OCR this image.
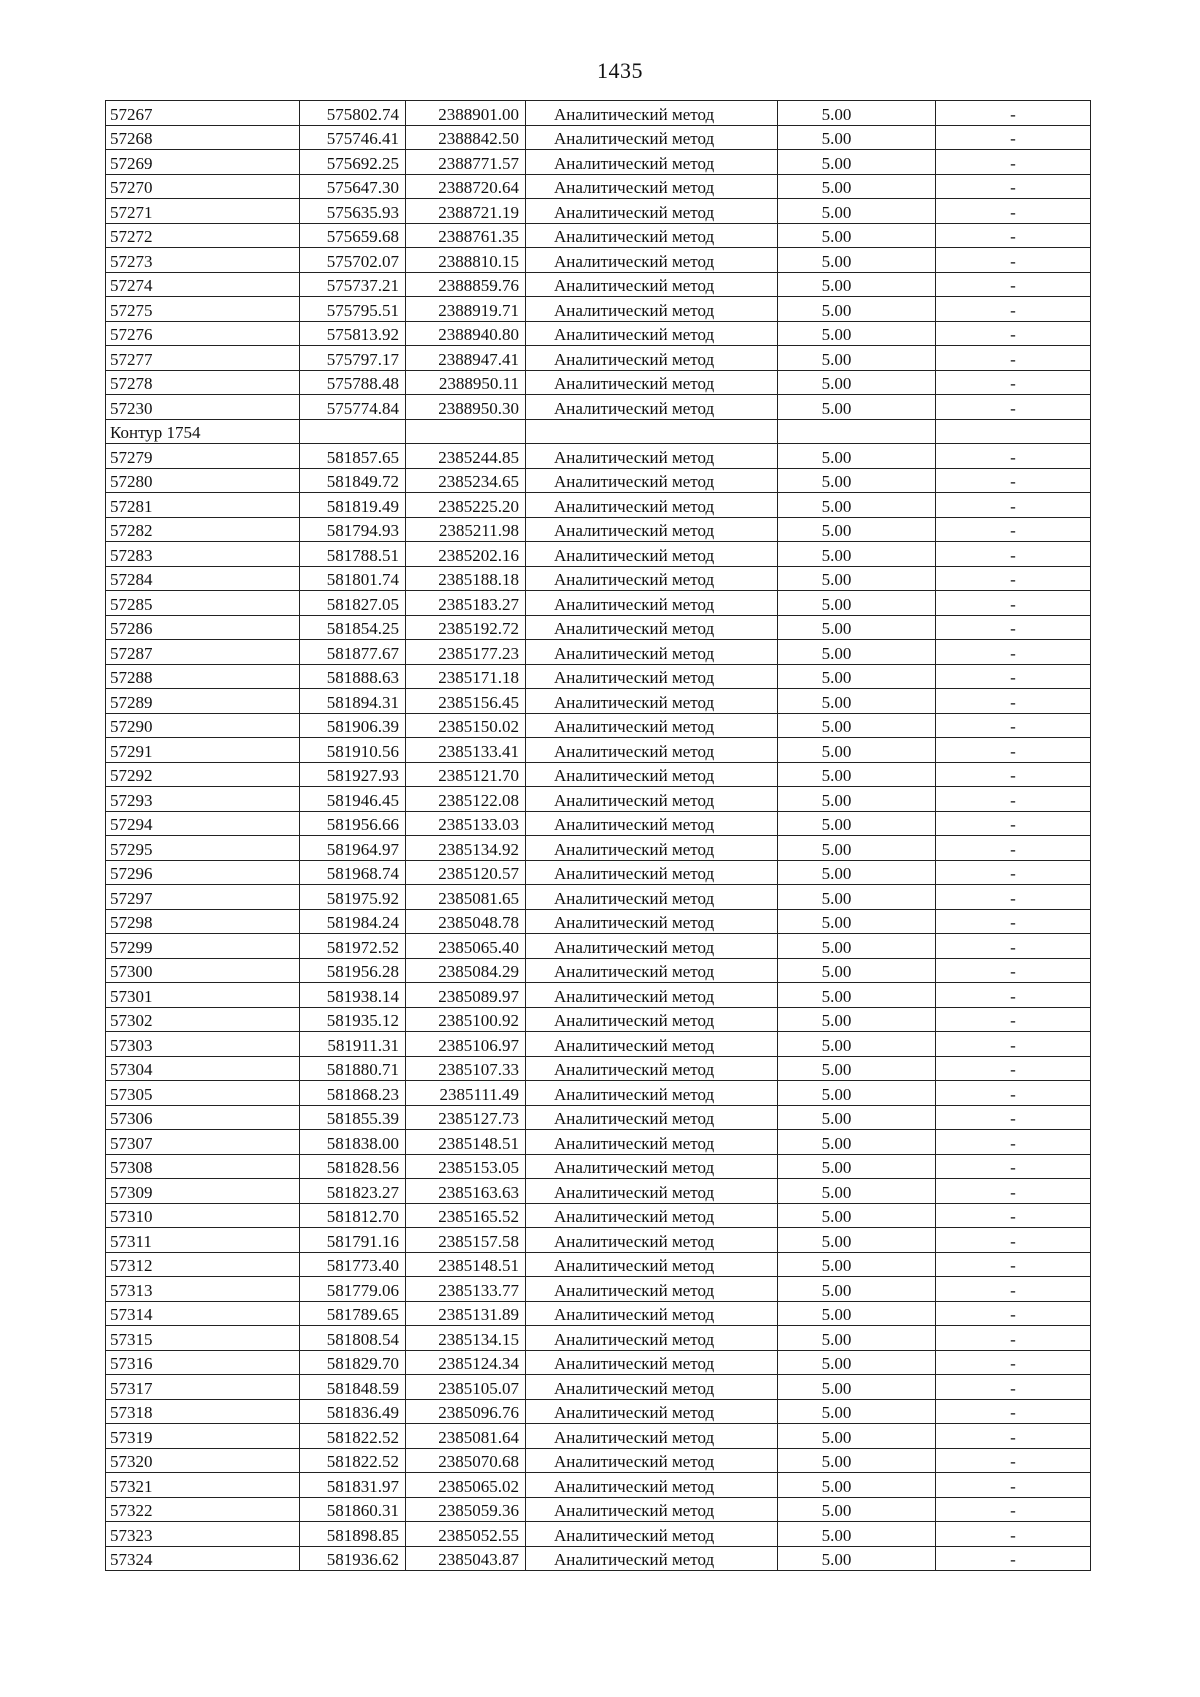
1435
57267	575802.74	2388901.00	Аналитический метод	5.00	-
57268	575746.41	2388842.50	Аналитический метод	5.00	-
57269	575692.25	2388771.57	Аналитический метод	5.00	-
57270	575647.30	2388720.64	Аналитический метод	5.00	-
57271	575635.93	2388721.19	Аналитический метод	5.00	-
57272	575659.68	2388761.35	Аналитический метод	5.00	-
57273	575702.07	2388810.15	Аналитический метод	5.00	-
57274	575737.21	2388859.76	Аналитический метод	5.00	-
57275	575795.51	2388919.71	Аналитический метод	5.00	-
57276	575813.92	2388940.80	Аналитический метод	5.00	-
57277	575797.17	2388947.41	Аналитический метод	5.00	-
57278	575788.48	2388950.11	Аналитический метод	5.00	-
57230	575774.84	2388950.30	Аналитический метод	5.00	-
Контур 1754					
57279	581857.65	2385244.85	Аналитический метод	5.00	-
57280	581849.72	2385234.65	Аналитический метод	5.00	-
57281	581819.49	2385225.20	Аналитический метод	5.00	-
57282	581794.93	2385211.98	Аналитический метод	5.00	-
57283	581788.51	2385202.16	Аналитический метод	5.00	-
57284	581801.74	2385188.18	Аналитический метод	5.00	-
57285	581827.05	2385183.27	Аналитический метод	5.00	-
57286	581854.25	2385192.72	Аналитический метод	5.00	-
57287	581877.67	2385177.23	Аналитический метод	5.00	-
57288	581888.63	2385171.18	Аналитический метод	5.00	-
57289	581894.31	2385156.45	Аналитический метод	5.00	-
57290	581906.39	2385150.02	Аналитический метод	5.00	-
57291	581910.56	2385133.41	Аналитический метод	5.00	-
57292	581927.93	2385121.70	Аналитический метод	5.00	-
57293	581946.45	2385122.08	Аналитический метод	5.00	-
57294	581956.66	2385133.03	Аналитический метод	5.00	-
57295	581964.97	2385134.92	Аналитический метод	5.00	-
57296	581968.74	2385120.57	Аналитический метод	5.00	-
57297	581975.92	2385081.65	Аналитический метод	5.00	-
57298	581984.24	2385048.78	Аналитический метод	5.00	-
57299	581972.52	2385065.40	Аналитический метод	5.00	-
57300	581956.28	2385084.29	Аналитический метод	5.00	-
57301	581938.14	2385089.97	Аналитический метод	5.00	-
57302	581935.12	2385100.92	Аналитический метод	5.00	-
57303	581911.31	2385106.97	Аналитический метод	5.00	-
57304	581880.71	2385107.33	Аналитический метод	5.00	-
57305	581868.23	2385111.49	Аналитический метод	5.00	-
57306	581855.39	2385127.73	Аналитический метод	5.00	-
57307	581838.00	2385148.51	Аналитический метод	5.00	-
57308	581828.56	2385153.05	Аналитический метод	5.00	-
57309	581823.27	2385163.63	Аналитический метод	5.00	-
57310	581812.70	2385165.52	Аналитический метод	5.00	-
57311	581791.16	2385157.58	Аналитический метод	5.00	-
57312	581773.40	2385148.51	Аналитический метод	5.00	-
57313	581779.06	2385133.77	Аналитический метод	5.00	-
57314	581789.65	2385131.89	Аналитический метод	5.00	-
57315	581808.54	2385134.15	Аналитический метод	5.00	-
57316	581829.70	2385124.34	Аналитический метод	5.00	-
57317	581848.59	2385105.07	Аналитический метод	5.00	-
57318	581836.49	2385096.76	Аналитический метод	5.00	-
57319	581822.52	2385081.64	Аналитический метод	5.00	-
57320	581822.52	2385070.68	Аналитический метод	5.00	-
57321	581831.97	2385065.02	Аналитический метод	5.00	-
57322	581860.31	2385059.36	Аналитический метод	5.00	-
57323	581898.85	2385052.55	Аналитический метод	5.00	-
57324	581936.62	2385043.87	Аналитический метод	5.00	-
